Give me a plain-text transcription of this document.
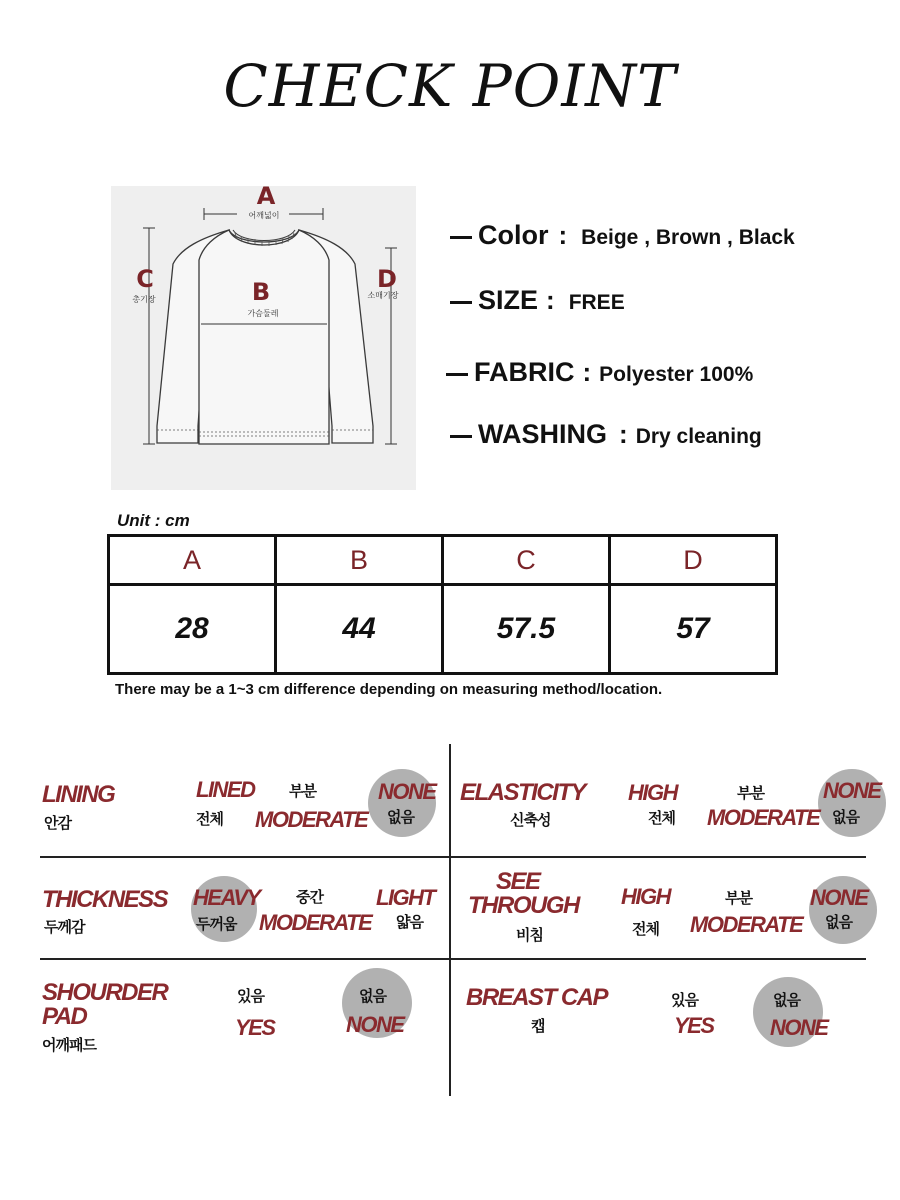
CHECK POINT
A
어깨넓이
B
가슴둘레
C
총기장
D
소매기장
Color : Beige , Brown , Black
SIZE : FREE
FABRIC : Polyester 100%
WASHING : Dry cleaning
Unit : cm
A	B	C	D
28	44	57.5	57
There may be a 1~3 cm difference depending on measuring method/location.
LINING
안감
LINED
전체
부분
MODERATE
NONE
없음
ELASTICITY
신축성
HIGH
전체
부분
MODERATE
NONE
없음
THICKNESS
두께감
HEAVY
두꺼움
중간
MODERATE
LIGHT
얇음
SEE
THROUGH
비침
HIGH
전체
부분
MODERATE
NONE
없음
SHOURDER
PAD
어깨패드
있음
YES
없음
NONE
BREAST CAP
캡
있음
YES
없음
NONE
